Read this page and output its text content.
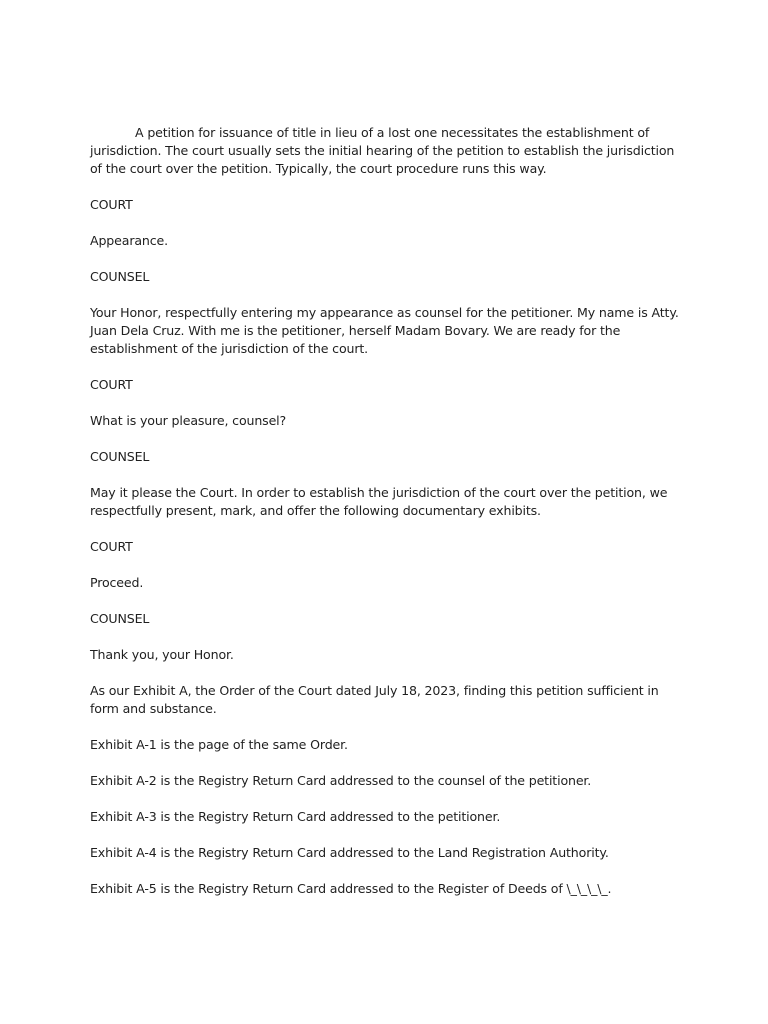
A petition for issuance of title in lieu of a lost one necessitates the establishment of jurisdiction. The court usually sets the initial hearing of the petition to establish the jurisdiction of the court over the petition. Typically, the court procedure runs this way.

COURT

Appearance.

COUNSEL

Your Honor, respectfully entering my appearance as counsel for the petitioner. My name is Atty. Juan Dela Cruz. With me is the petitioner, herself Madam Bovary. We are ready for the establishment of the jurisdiction of the court.

COURT

What is your pleasure, counsel?

COUNSEL

May it please the Court. In order to establish the jurisdiction of the court over the petition, we respectfully present, mark, and offer the following documentary exhibits.

COURT

Proceed.

COUNSEL

Thank you, your Honor.

As our Exhibit A, the Order of the Court dated July 18, 2023, finding this petition sufficient in form and substance.

Exhibit A-1 is the page of the same Order.

Exhibit A-2 is the Registry Return Card addressed to the counsel of the petitioner.

Exhibit A-3 is the Registry Return Card addressed to the petitioner.

Exhibit A-4 is the Registry Return Card addressed to the Land Registration Authority.

Exhibit A-5 is the Registry Return Card addressed to the Register of Deeds of \_\_\_\_.
